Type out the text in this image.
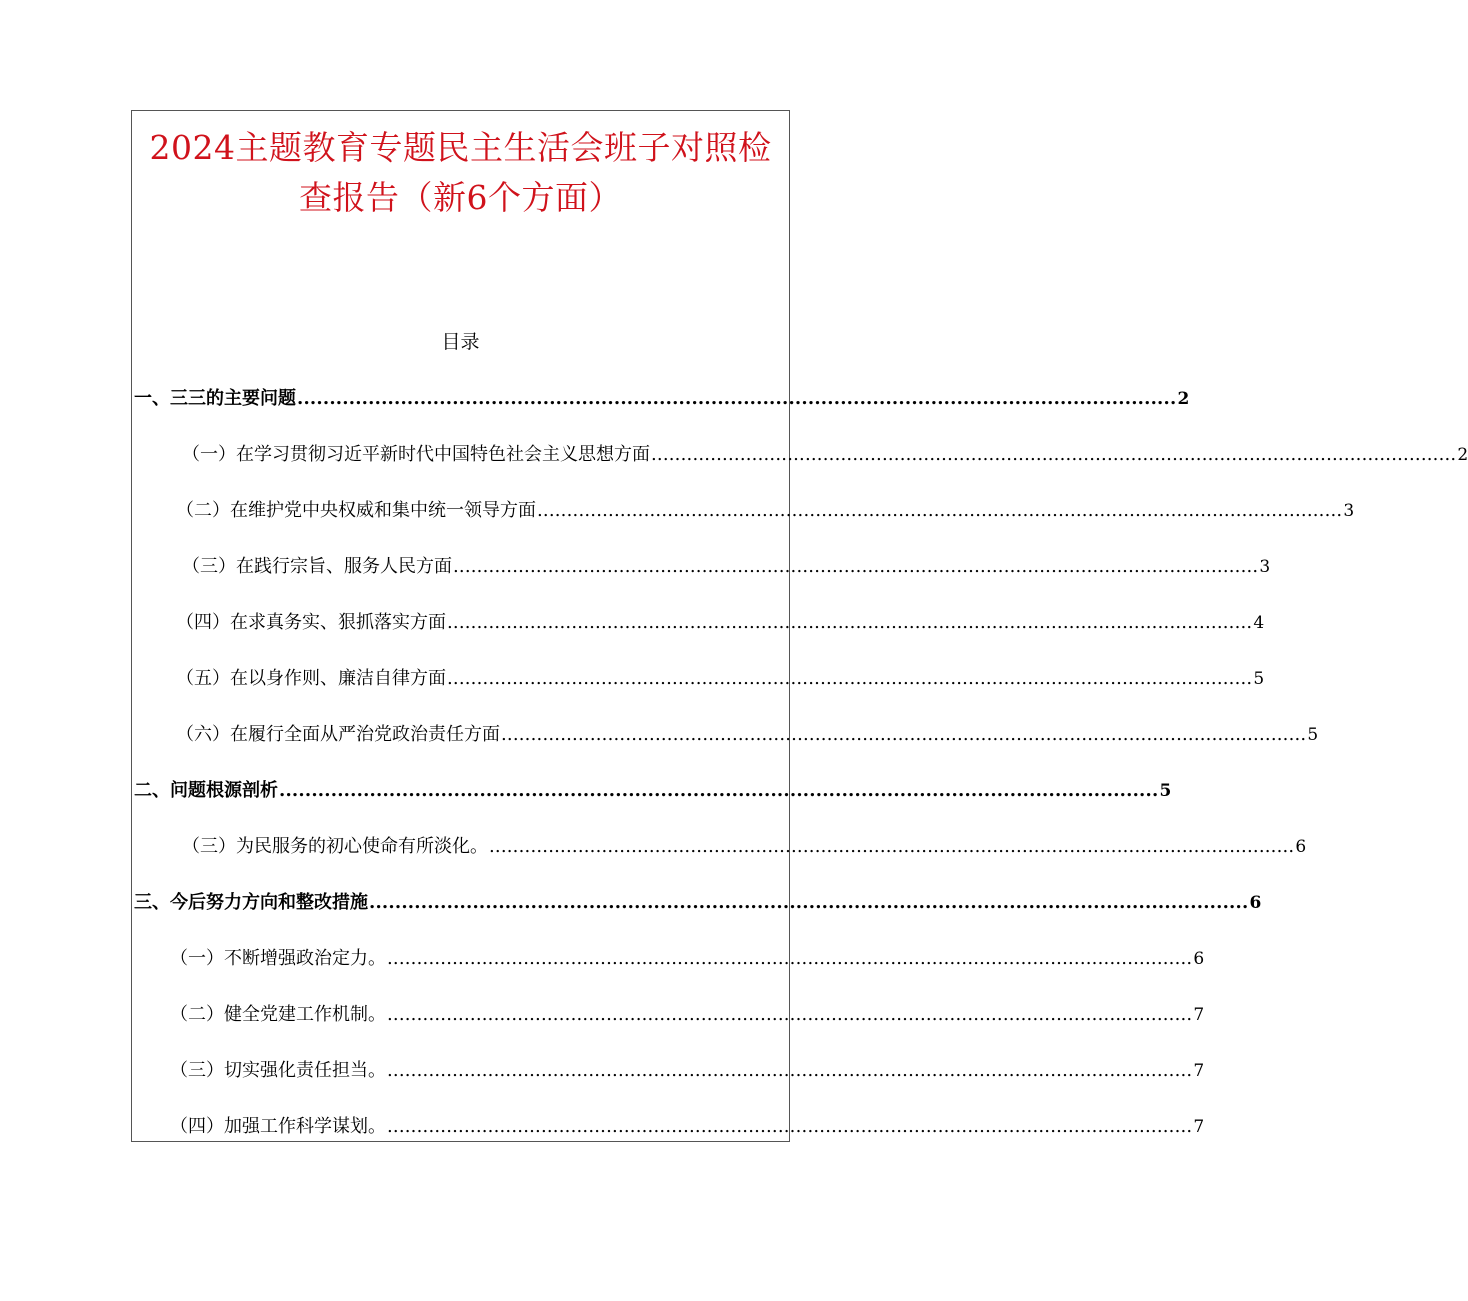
2024主题教育专题民主生活会班子对照检
查报告（新6个方面）
目录
一、三三的主要问题 ........................................................................................................................................ 2
（一）在学习贯彻习近平新时代中国特色社会主义思想方面 ........................................................................................................................................ 2
（二）在维护党中央权威和集中统一领导方面 ........................................................................................................................................ 3
（三）在践行宗旨、服务人民方面 ........................................................................................................................................ 3
（四）在求真务实、狠抓落实方面 ........................................................................................................................................ 4
（五）在以身作则、廉洁自律方面 ........................................................................................................................................ 5
（六）在履行全面从严治党政治责任方面 ........................................................................................................................................ 5
二、问题根源剖析 ........................................................................................................................................ 5
（三）为民服务的初心使命有所淡化。 ........................................................................................................................................ 6
三、今后努力方向和整改措施 ........................................................................................................................................ 6
（一）不断增强政治定力。 ........................................................................................................................................ 6
（二）健全党建工作机制。 ........................................................................................................................................ 7
（三）切实强化责任担当。 ........................................................................................................................................ 7
（四）加强工作科学谋划。 ........................................................................................................................................ 7
